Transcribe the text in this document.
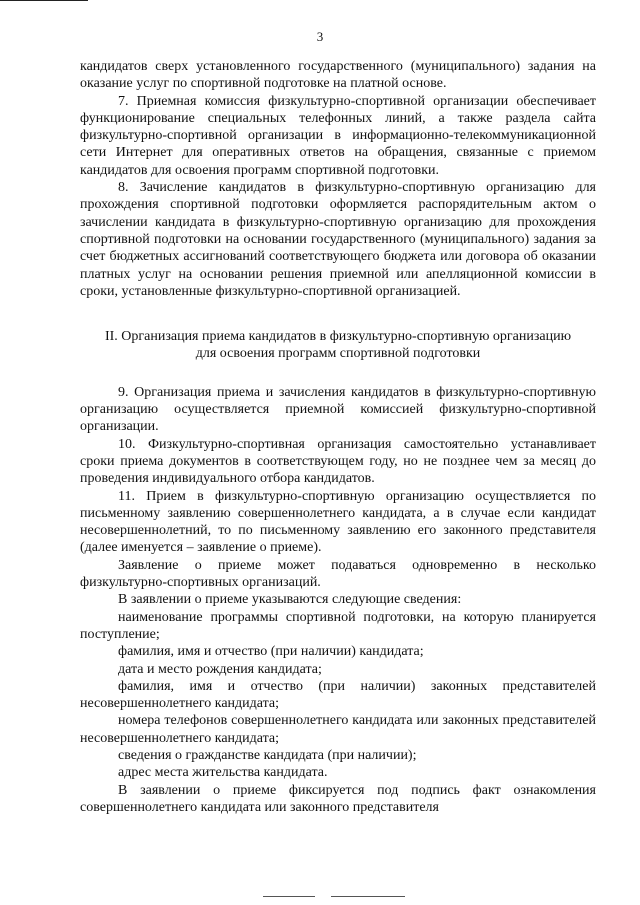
3

кандидатов сверх установленного государственного (муниципального) задания на оказание услуг по спортивной подготовке на платной основе.

7. Приемная комиссия физкультурно-спортивной организации обеспечивает функционирование специальных телефонных линий, а также раздела сайта физкультурно-спортивной организации в информационно-телекоммуникационной сети Интернет для оперативных ответов на обращения, связанные с приемом кандидатов для освоения программ спортивной подготовки.

8. Зачисление кандидатов в физкультурно-спортивную организацию для прохождения спортивной подготовки оформляется распорядительным актом о зачислении кандидата в физкультурно-спортивную организацию для прохождения спортивной подготовки на основании государственного (муниципального) задания за счет бюджетных ассигнований соответствующего бюджета или договора об оказании платных услуг на основании решения приемной или апелляционной комиссии в сроки, установленные физкультурно-спортивной организацией.

II. Организация приема кандидатов в физкультурно-спортивную организацию
для освоения программ спортивной подготовки

9. Организация приема и зачисления кандидатов в физкультурно-спортивную организацию осуществляется приемной комиссией физкультурно-спортивной организации.

10. Физкультурно-спортивная организация самостоятельно устанавливает сроки приема документов в соответствующем году, но не позднее чем за месяц до проведения индивидуального отбора кандидатов.

11. Прием в физкультурно-спортивную организацию осуществляется по письменному заявлению совершеннолетнего кандидата, а в случае если кандидат несовершеннолетний, то по письменному заявлению его законного представителя (далее именуется – заявление о приеме).

Заявление о приеме может подаваться одновременно в несколько физкультурно-спортивных организаций.

В заявлении о приеме указываются следующие сведения:

наименование программы спортивной подготовки, на которую планируется поступление;

фамилия, имя и отчество (при наличии) кандидата;

дата и место рождения кандидата;

фамилия, имя и отчество (при наличии) законных представителей несовершеннолетнего кандидата;

номера телефонов совершеннолетнего кандидата или законных представителей несовершеннолетнего кандидата;

сведения о гражданстве кандидата (при наличии);

адрес места жительства кандидата.

В заявлении о приеме фиксируется под подпись факт ознакомления совершеннолетнего кандидата или законного представителя
